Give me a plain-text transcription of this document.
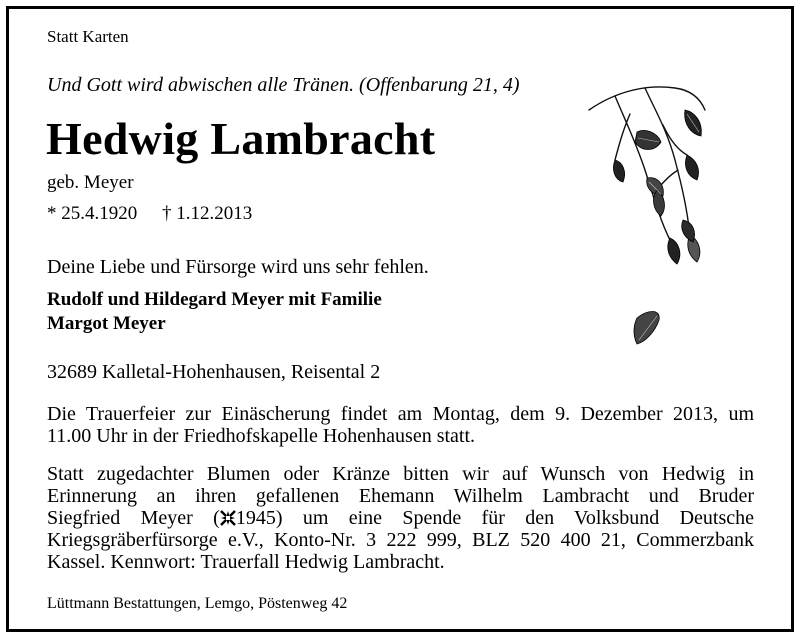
Statt Karten
Und Gott wird abwischen alle Tränen. (Offenbarung 21, 4)
Hedwig Lambracht
geb. Meyer
* 25.4.1920 † 1.12.2013
Deine Liebe und Fürsorge wird uns sehr fehlen.
Rudolf und Hildegard Meyer mit Familie
Margot Meyer
32689 Kalletal-Hohenhausen, Reisental 2
Die Trauerfeier zur Einäscherung findet am Montag, dem 9. Dezember 2013, um
11.00 Uhr in der Friedhofskapelle Hohenhausen statt.
Statt zugedachter Blumen oder Kränze bitten wir auf Wunsch von Hedwig in
Erinnerung an ihren gefallenen Ehemann Wilhelm Lambracht und Bruder
Siegfried Meyer ( 1945) um eine Spende für den Volksbund Deutsche
Kriegsgräberfürsorge e.V., Konto-Nr. 3 222 999, BLZ 520 400 21, Commerzbank
Kassel. Kennwort: Trauerfall Hedwig Lambracht.
Lüttmann Bestattungen, Lemgo, Pöstenweg 42
